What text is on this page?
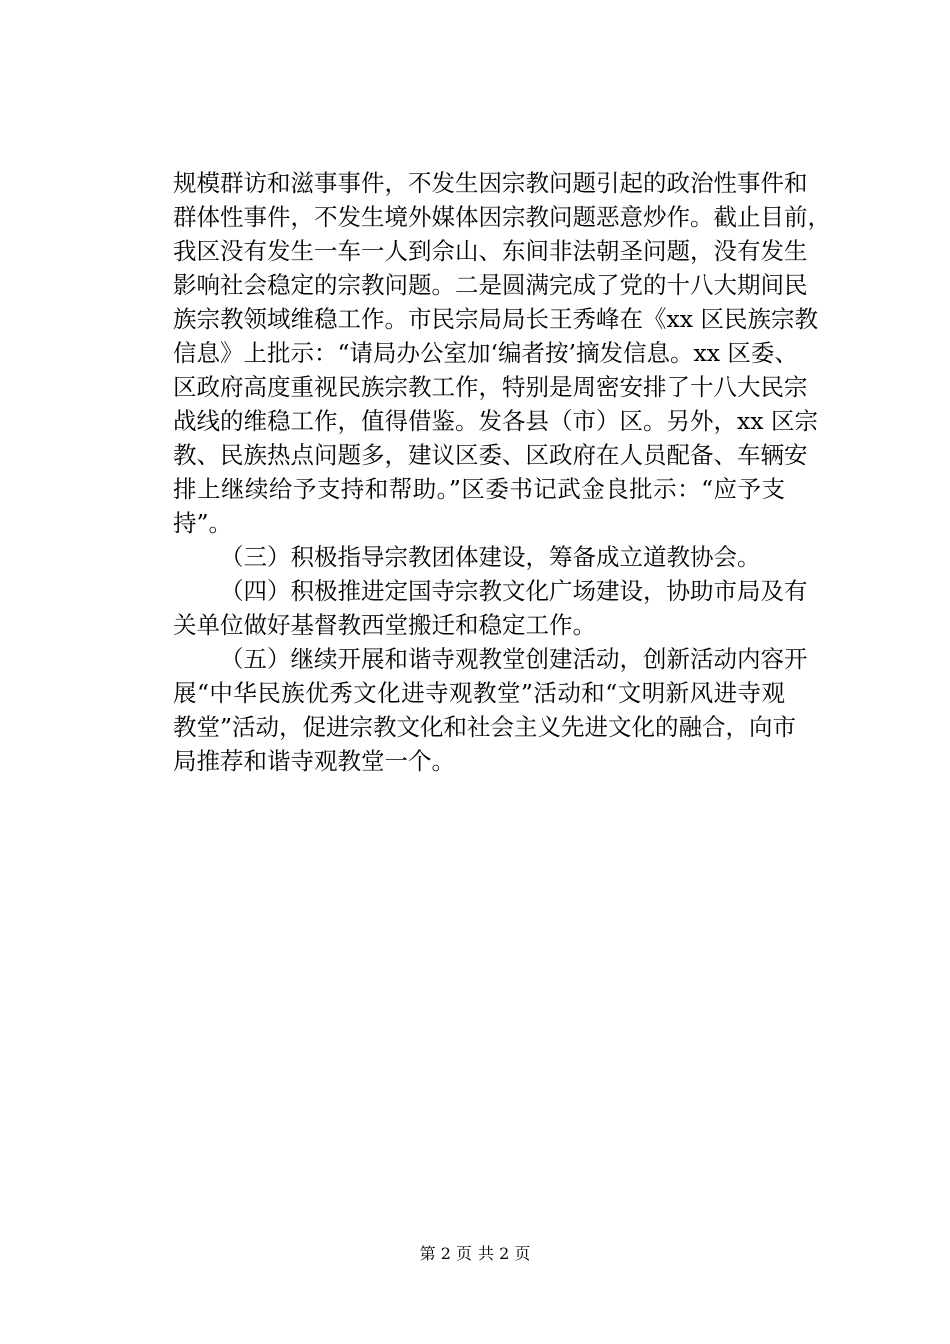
规模群访和滋事事件，不发生因宗教问题引起的政治性事件和
群体性事件，不发生境外媒体因宗教问题恶意炒作。截止目前，
我区没有发生一车一人到佘山、东间非法朝圣问题，没有发生
影响社会稳定的宗教问题。二是圆满完成了党的十八大期间民
族宗教领域维稳工作。市民宗局局长王秀峰在《xx 区民族宗教
信息》上批示：“请局办公室加‘编者按’摘发信息。xx 区委、
区政府高度重视民族宗教工作，特别是周密安排了十八大民宗
战线的维稳工作，值得借鉴。发各县（市）区。另外，xx 区宗
教、民族热点问题多，建议区委、区政府在人员配备、车辆安
排上继续给予支持和帮助。”区委书记武金良批示：“应予支
持”。
（三）积极指导宗教团体建设，筹备成立道教协会。
（四）积极推进定国寺宗教文化广场建设，协助市局及有
关单位做好基督教西堂搬迁和稳定工作。
（五）继续开展和谐寺观教堂创建活动，创新活动内容开
展“中华民族优秀文化进寺观教堂”活动和“文明新风进寺观
教堂”活动，促进宗教文化和社会主义先进文化的融合，向市
局推荐和谐寺观教堂一个。
第 2 页 共 2 页
